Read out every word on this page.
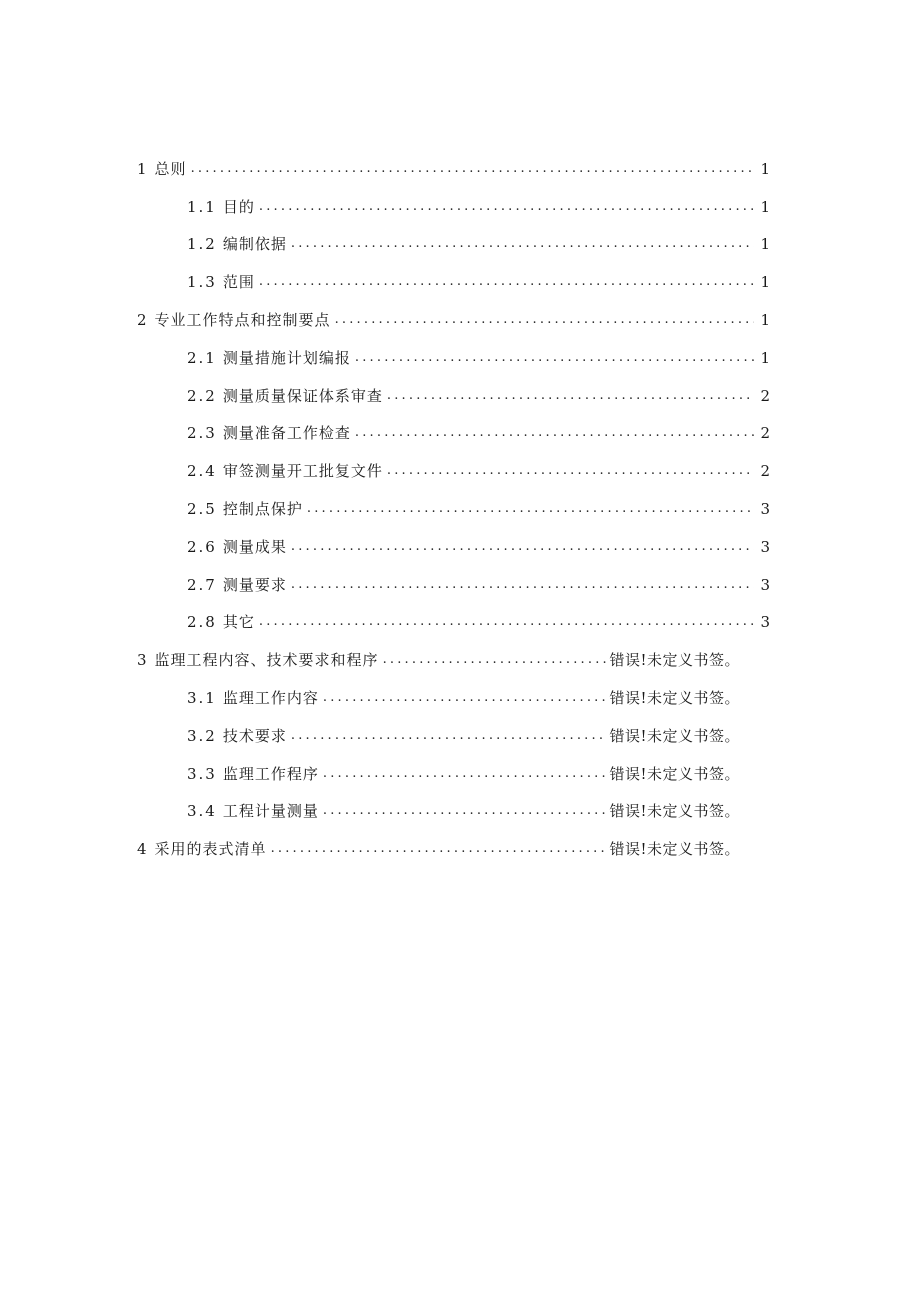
1 总则 .....	1
1.1 目的 .....	1
1.2 编制依据 .....	1
1.3 范围 .....	1
2 专业工作特点和控制要点 .....	1
2.1 测量措施计划编报 .....	1
2.2 测量质量保证体系审查 .....	2
2.3 测量准备工作检查 .....	2
2.4 审签测量开工批复文件 .....	2
2.5 控制点保护 .....	3
2.6 测量成果 .....	3
2.7 测量要求 .....	3
2.8 其它 .....	3
3 监理工程内容、技术要求和程序 .....	错误!未定义书签。
3.1 监理工作内容 .....	错误!未定义书签。
3.2 技术要求 .....	错误!未定义书签。
3.3 监理工作程序 .....	错误!未定义书签。
3.4 工程计量测量 .....	错误!未定义书签。
4 采用的表式清单 .....	错误!未定义书签。
